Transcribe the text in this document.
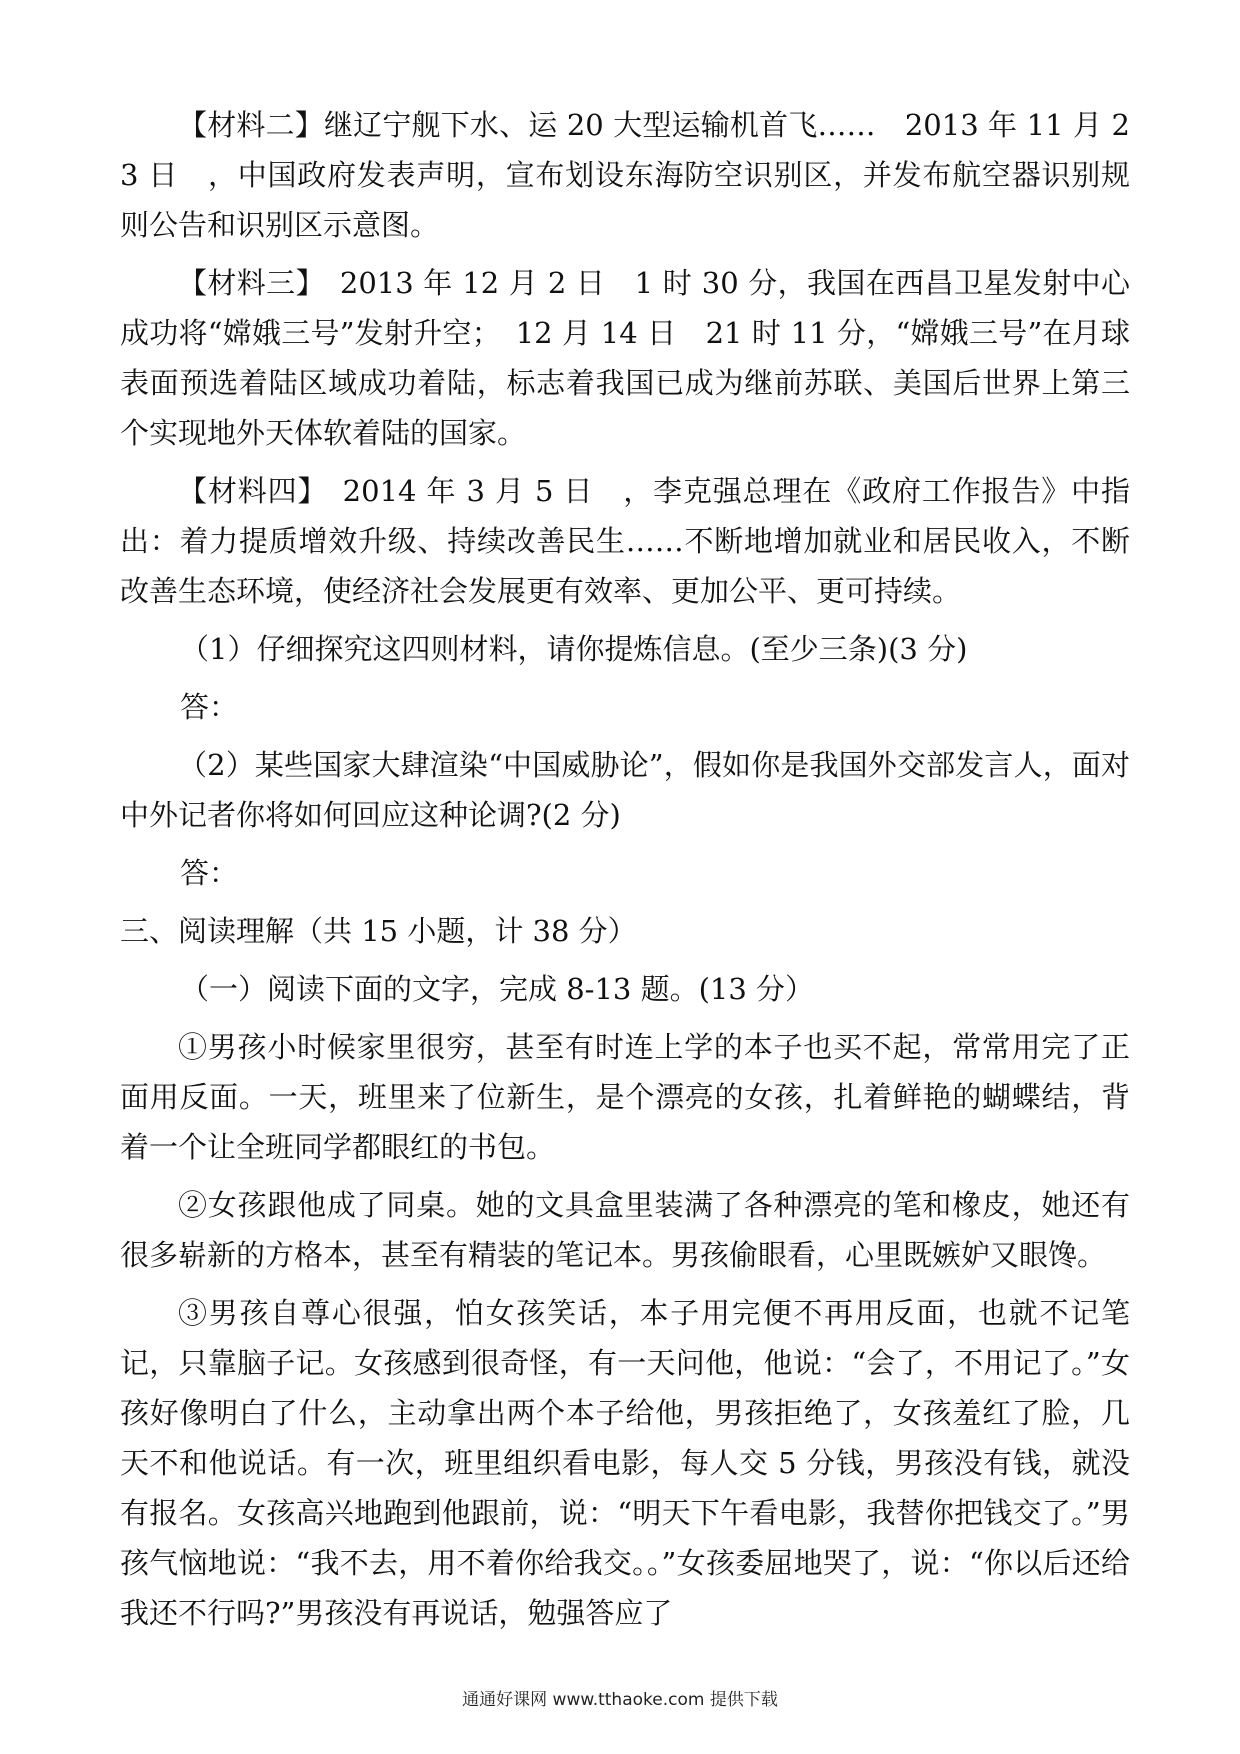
【材料二】继辽宁舰下水、运 20 大型运输机首飞……　2013 年 11 月 23 日　，中国政府发表声明，宣布划设东海防空识别区，并发布航空器识别规则公告和识别区示意图。

【材料三】　2013 年 12 月 2 日　1 时 30 分，我国在西昌卫星发射中心成功将“嫦娥三号”发射升空；　12 月 14 日　21 时 11 分，“嫦娥三号”在月球表面预选着陆区域成功着陆，标志着我国已成为继前苏联、美国后世界上第三个实现地外天体软着陆的国家。

【材料四】　2014 年 3 月 5 日　，李克强总理在《政府工作报告》中指出：着力提质增效升级、持续改善民生……不断地增加就业和居民收入，不断改善生态环境，使经济社会发展更有效率、更加公平、更可持续。

（1）仔细探究这四则材料，请你提炼信息。(至少三条)(3 分)

答：

（2）某些国家大肆渲染“中国威胁论”，假如你是我国外交部发言人，面对中外记者你将如何回应这种论调?(2 分)

答：

三、阅读理解（共 15 小题，计 38 分）

（一）阅读下面的文字，完成 8-13 题。(13 分）

①男孩小时候家里很穷，甚至有时连上学的本子也买不起，常常用完了正面用反面。一天，班里来了位新生，是个漂亮的女孩，扎着鲜艳的蝴蝶结，背着一个让全班同学都眼红的书包。

②女孩跟他成了同桌。她的文具盒里装满了各种漂亮的笔和橡皮，她还有很多崭新的方格本，甚至有精装的笔记本。男孩偷眼看，心里既嫉妒又眼馋。

③男孩自尊心很强，怕女孩笑话，本子用完便不再用反面，也就不记笔记，只靠脑子记。女孩感到很奇怪，有一天问他，他说：“会了，不用记了。”女孩好像明白了什么，主动拿出两个本子给他，男孩拒绝了，女孩羞红了脸，几天不和他说话。有一次，班里组织看电影，每人交 5 分钱，男孩没有钱，就没有报名。女孩高兴地跑到他跟前，说：“明天下午看电影，我替你把钱交了。”男孩气恼地说：“我不去，用不着你给我交。。”女孩委屈地哭了，说：“你以后还给我还不行吗?”男孩没有再说话，勉强答应了

通通好课网 www.tthaoke.com 提供下载
